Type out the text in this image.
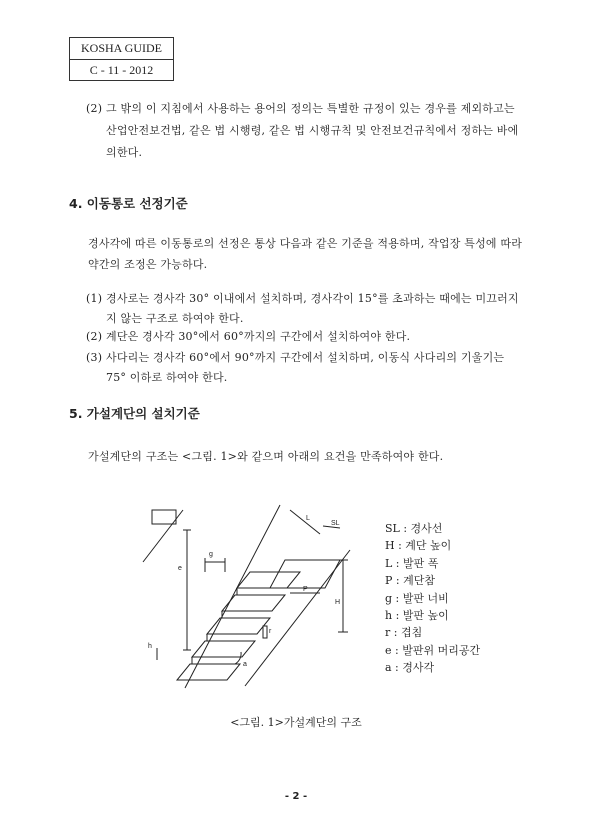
KOSHA GUIDE
C - 11 - 2012
(2) 그 밖의 이 지침에서 사용하는 용어의 정의는 특별한 규정이 있는 경우를 제외하고는 산업안전보건법, 같은 법 시행령, 같은 법 시행규칙 및 안전보건규칙에서 정하는 바에 의한다.
4. 이동통로 선정기준
경사각에 따른 이동통로의 선정은 통상 다음과 같은 기준을 적용하며, 작업장 특성에 따라 약간의 조정은 가능하다.
(1) 경사로는 경사각 30° 이내에서 설치하며, 경사각이 15°를 초과하는 때에는 미끄러지지 않는 구조로 하여야 한다.
(2) 계단은 경사각 30°에서 60°까지의 구간에서 설치하여야 한다.
(3) 사다리는 경사각 60°에서 90°까지 구간에서 설치하며, 이동식 사다리의 기울기는 75° 이하로 하여야 한다.
5. 가설계단의 설치기준
가설계단의 구조는 <그림. 1>와 같으며 아래의 요건을 만족하여야 한다.
L
SL
g
e
P
H
h
r
a
SL : 경사선
H : 계단 높이
L : 발판 폭
P : 계단참
g : 발판 너비
h : 발판 높이
r : 겹침
e : 발판위 머리공간
a : 경사각
<그림. 1>가설계단의 구조
- 2 -
